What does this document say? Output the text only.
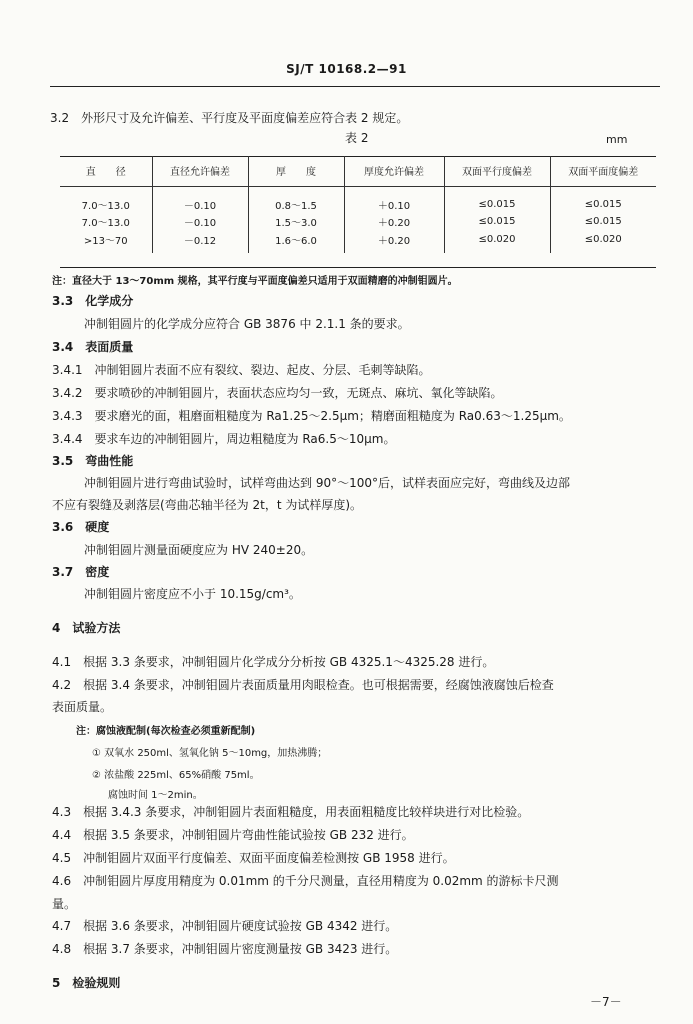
SJ/T 10168.2—91
3.2　外形尺寸及允许偏差、平行度及平面度偏差应符合表 2 规定。
表 2	mm
直　　径	直径允许偏差	厚　　度	厚度允许偏差	双面平行度偏差	双面平面度偏差
7.0～13.0	－0.10	0.8～1.5	＋0.10	≤0.015	≤0.015
7.0～13.0	－0.10	1.5～3.0	＋0.20	≤0.015	≤0.015
>13～70	－0.12	1.6～6.0	＋0.20	≤0.020	≤0.020
注：直径大于 13～70mm 规格，其平行度与平面度偏差只适用于双面精磨的冲制钼圆片。
3.3　化学成分
冲制钼圆片的化学成分应符合 GB 3876 中 2.1.1 条的要求。
3.4　表面质量
3.4.1　冲制钼圆片表面不应有裂纹、裂边、起皮、分层、毛刺等缺陷。
3.4.2　要求喷砂的冲制钼圆片，表面状态应均匀一致，无斑点、麻坑、氧化等缺陷。
3.4.3　要求磨光的面，粗磨面粗糙度为 Ra1.25～2.5μm；精磨面粗糙度为 Ra0.63～1.25μm。
3.4.4　要求车边的冲制钼圆片，周边粗糙度为 Ra6.5～10μm。
3.5　弯曲性能
冲制钼圆片进行弯曲试验时，试样弯曲达到 90°～100°后，试样表面应完好，弯曲线及边部
不应有裂缝及剥落层(弯曲芯轴半径为 2t，t 为试样厚度)。
3.6　硬度
冲制钼圆片测量面硬度应为 HV 240±20。
3.7　密度
冲制钼圆片密度应不小于 10.15g/cm³。
4　试验方法
4.1　根据 3.3 条要求，冲制钼圆片化学成分分析按 GB 4325.1～4325.28 进行。
4.2　根据 3.4 条要求，冲制钼圆片表面质量用肉眼检查。也可根据需要，经腐蚀液腐蚀后检查
表面质量。
注：腐蚀液配制(每次检查必须重新配制)
① 双氧水 250ml、氢氧化钠 5～10mg，加热沸腾；
② 浓盐酸 225ml、65%硝酸 75ml。
腐蚀时间 1～2min。
4.3　根据 3.4.3 条要求，冲制钼圆片表面粗糙度，用表面粗糙度比较样块进行对比检验。
4.4　根据 3.5 条要求，冲制钼圆片弯曲性能试验按 GB 232 进行。
4.5　冲制钼圆片双面平行度偏差、双面平面度偏差检测按 GB 1958 进行。
4.6　冲制钼圆片厚度用精度为 0.01mm 的千分尺测量，直径用精度为 0.02mm 的游标卡尺测
量。
4.7　根据 3.6 条要求，冲制钼圆片硬度试验按 GB 4342 进行。
4.8　根据 3.7 条要求，冲制钼圆片密度测量按 GB 3423 进行。
5　检验规则
－7－
